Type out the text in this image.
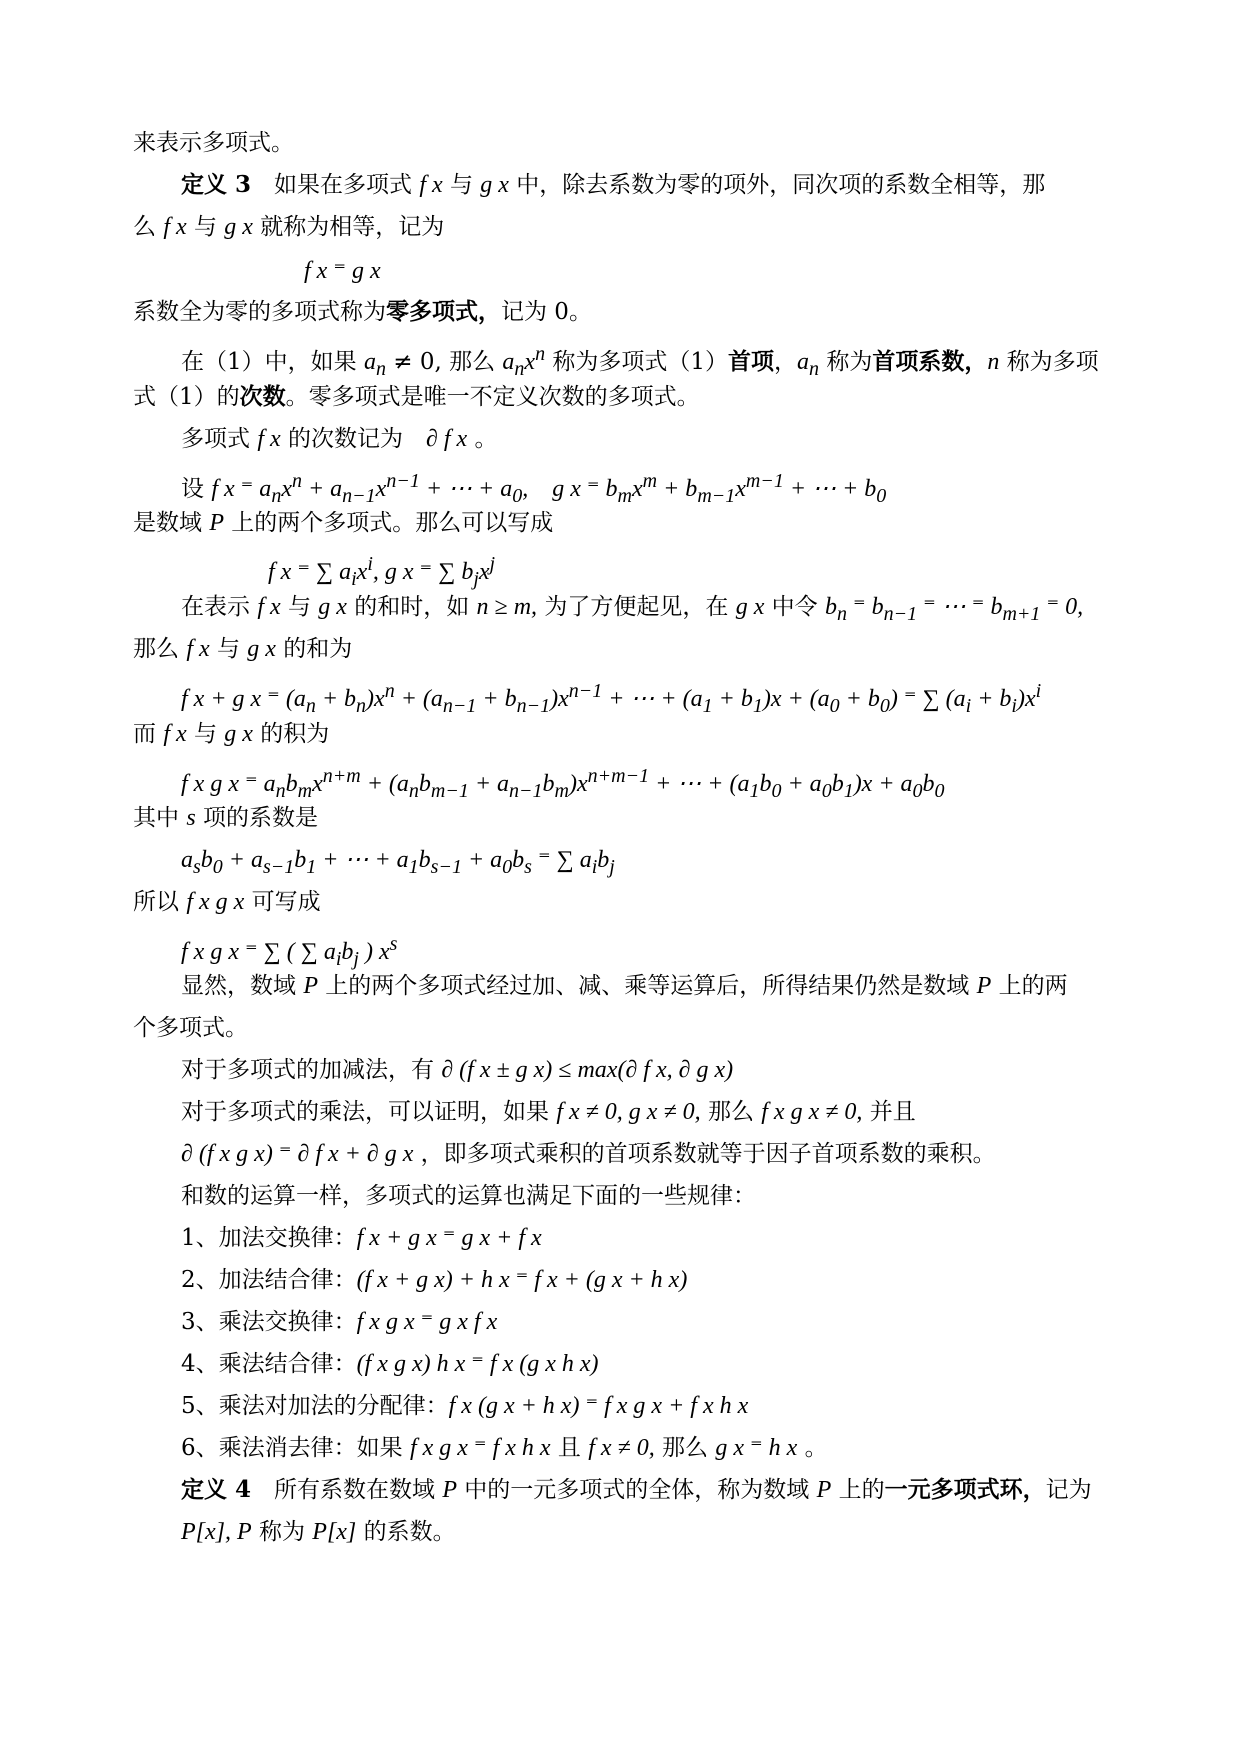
来表示多项式。
定义 3　如果在多项式 f x 与 g x 中，除去系数为零的项外，同次项的系数全相等，那
么 f x 与 g x 就称为相等，记为
f x ⁼ g x
系数全为零的多项式称为零多项式，记为 0。
在（1）中，如果 $a_n \ne 0$, 那么 $a_nx^n$ 称为多项式（1）首项，$a_n$ 称为首项系数，n 称为多项
式（1）的次数。零多项式是唯一不定义次数的多项式。
多项式 f x 的次数记为　∂ f x 。
设 f x ⁼ $a_nx^n + a_{n-1}x^{n-1}$ + ⋯ + $a_0$,　g x ⁼ $b_mx^m + b_{m-1}x^{m-1}$ + ⋯ + $b_0$
是数域 P 上的两个多项式。那么可以写成
f x ⁼ ∑ $a_ix^i$, g x ⁼ ∑ $b_jx^j$
在表示 f x 与 g x 的和时，如 n ≥ m, 为了方便起见，在 g x 中令 $b_n$ ⁼ $b_{n-1}$ ⁼ ⋯ ⁼ $b_{m+1}$ ⁼ 0,
那么 f x 与 g x 的和为
f x + g x ⁼ $(a_n + b_n)x^n + (a_{n-1} + b_{n-1})x^{n-1}$ + ⋯ + $(a_1 + b_1)x + (a_0 + b_0)$ ⁼ ∑ $(a_i + b_i)x^i$
而 f x 与 g x 的积为
f x g x ⁼ $a_nb_mx^{n+m} + (a_nb_{m-1} + a_{n-1}b_m)x^{n+m-1}$ + ⋯ + $(a_1b_0 + a_0b_1)x + a_0b_0$
其中 s 项的系数是
$a_sb_0 + a_{s-1}b_1$ + ⋯ + $a_1b_{s-1} + a_0b_s$ ⁼ ∑ $a_ib_j$
所以 f x g x 可写成
f x g x ⁼ ∑ ( ∑ $a_ib_j$ ) $x^s$
显然，数域 P 上的两个多项式经过加、减、乘等运算后，所得结果仍然是数域 P 上的两
个多项式。
对于多项式的加减法，有 ∂ (f x ± g x) ≤ max(∂ f x, ∂ g x)
对于多项式的乘法，可以证明，如果 f x ≠ 0, g x ≠ 0, 那么 f x g x ≠ 0, 并且
∂ (f x g x) ⁼ ∂ f x + ∂ g x ，即多项式乘积的首项系数就等于因子首项系数的乘积。
和数的运算一样，多项式的运算也满足下面的一些规律：
1、加法交换律：f x + g x ⁼ g x + f x
2、加法结合律：(f x + g x) + h x ⁼ f x + (g x + h x)
3、乘法交换律：f x g x ⁼ g x f x
4、乘法结合律：(f x g x) h x ⁼ f x (g x h x)
5、乘法对加法的分配律：f x (g x + h x) ⁼ f x g x + f x h x
6、乘法消去律：如果 f x g x ⁼ f x h x 且 f x ≠ 0, 那么 g x ⁼ h x 。
定义 4　所有系数在数域 P 中的一元多项式的全体，称为数域 P 上的一元多项式环，记为
P[x], P 称为 P[x] 的系数。
